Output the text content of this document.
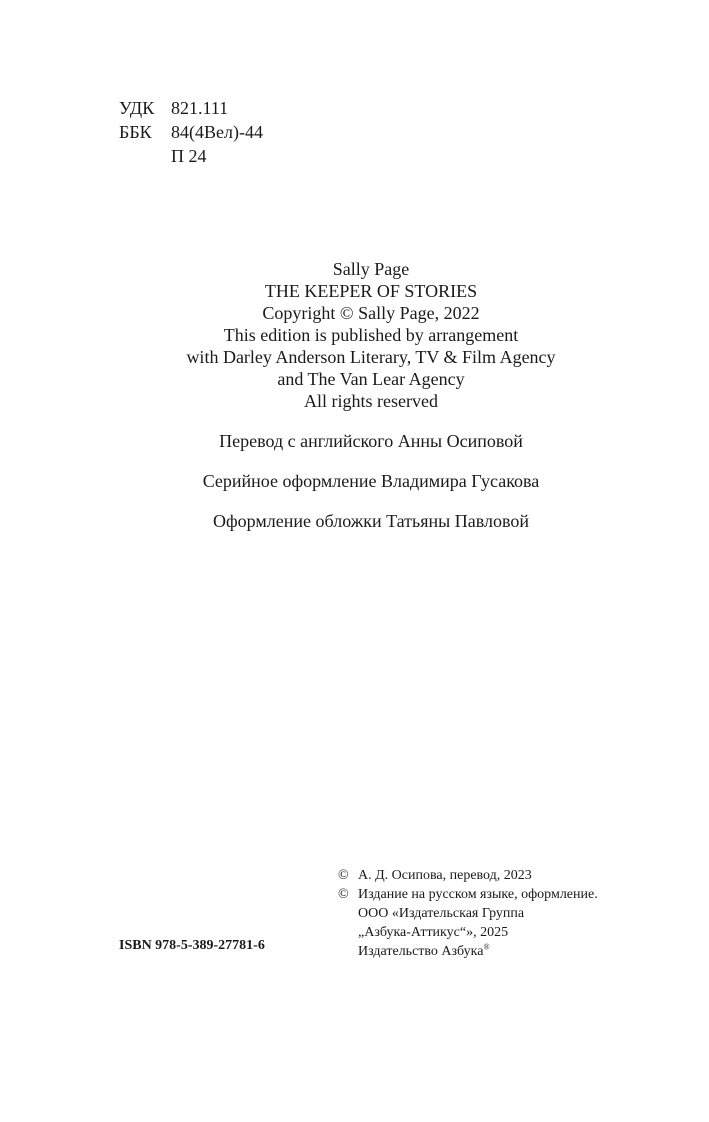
УДК 821.111
ББК	84(4Вел)-44
П 24
Sally Page
THE KEEPER OF STORIES
Copyright © Sally Page, 2022
This edition is published by arrangement
with Darley Anderson Literary, TV & Film Agency
and The Van Lear Agency
All rights reserved
Перевод с английского Анны Осиповой
Серийное оформление Владимира Гусакова
Оформление обложки Татьяны Павловой
© А. Д. Осипова, перевод, 2023
© Издание на русском языке, оформление.
ООО «Издательская Группа
„Азбука-Аттикус“», 2025
Издательство Азбука®
ISBN 978-5-389-27781-6
